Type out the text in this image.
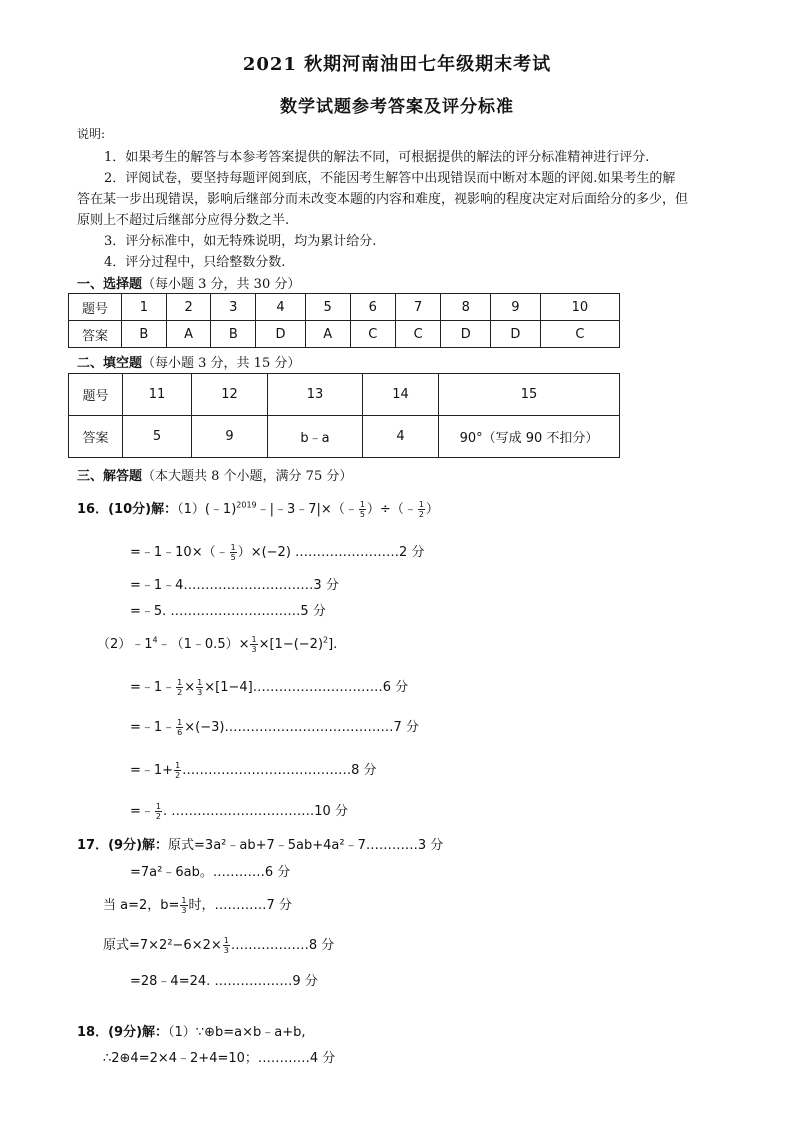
2021 秋期河南油田七年级期末考试
数学试题参考答案及评分标准
说明:
1．如果考生的解答与本参考答案提供的解法不同，可根据提供的解法的评分标准精神进行评分.
2．评阅试卷，要坚持每题评阅到底，不能因考生解答中出现错误而中断对本题的评阅.如果考生的解
答在某一步出现错误，影响后继部分而未改变本题的内容和难度，视影响的程度决定对后面给分的多少，但
原则上不超过后继部分应得分数之半.
3．评分标准中，如无特殊说明，均为累计给分.
4．评分过程中，只给整数分数.
一、选择题（每小题 3 分，共 30 分）
题号	1	2	3	4	5	6	7	8	9	10
答案	B	A	B	D	A	C	C	D	D	C
二、填空题（每小题 3 分，共 15 分）
题号	11	12	13	14	15
答案	5	9	b﹣a	4	90°（写成 90 不扣分）
三、解答题（本大题共 8 个小题，满分 75 分）
16．(10分)解：（1）(﹣1)$^{2019}$﹣|﹣3﹣7|×（﹣ $\frac{1}{5}$ ）÷（﹣ $\frac{1}{2}$ ）
=﹣1﹣10×（﹣ $\frac{1}{5} )\times(-2)$ ……………………2 分
=﹣1﹣4…………………………3 分
=﹣5. …………………………5 分
$(2)﹣1^4﹣(1﹣0.5)\times \frac{1}{3} \times[1-(-2)^2]$.
=﹣1﹣ $\frac{1}{2} \times \frac{1}{3}$ ×[1−4]…………………………6 分
=﹣1﹣ $\frac{1}{6}$ ×(−3)…………………………………7 分
=﹣1+ $\frac{1}{2}$ …………………………………8 分
=﹣ $\frac{1}{2}$ . ……………………………10 分
17．(9分)解：原式=3a²﹣ab+7﹣5ab+4a²﹣7…………3 分
=7a²﹣6ab。…………6 分
当 a=2，$b= \frac{1}{3}$ 时，…………7 分
原式$=7\times 2^2-6\times 2\times \frac{1}{3}$ ………………8 分
=28﹣4=24. ………………9 分
18．(9分)解：（1）∵⊕b=a×b﹣a+b,
∴2⊕4=2×4﹣2+4=10；…………4 分
